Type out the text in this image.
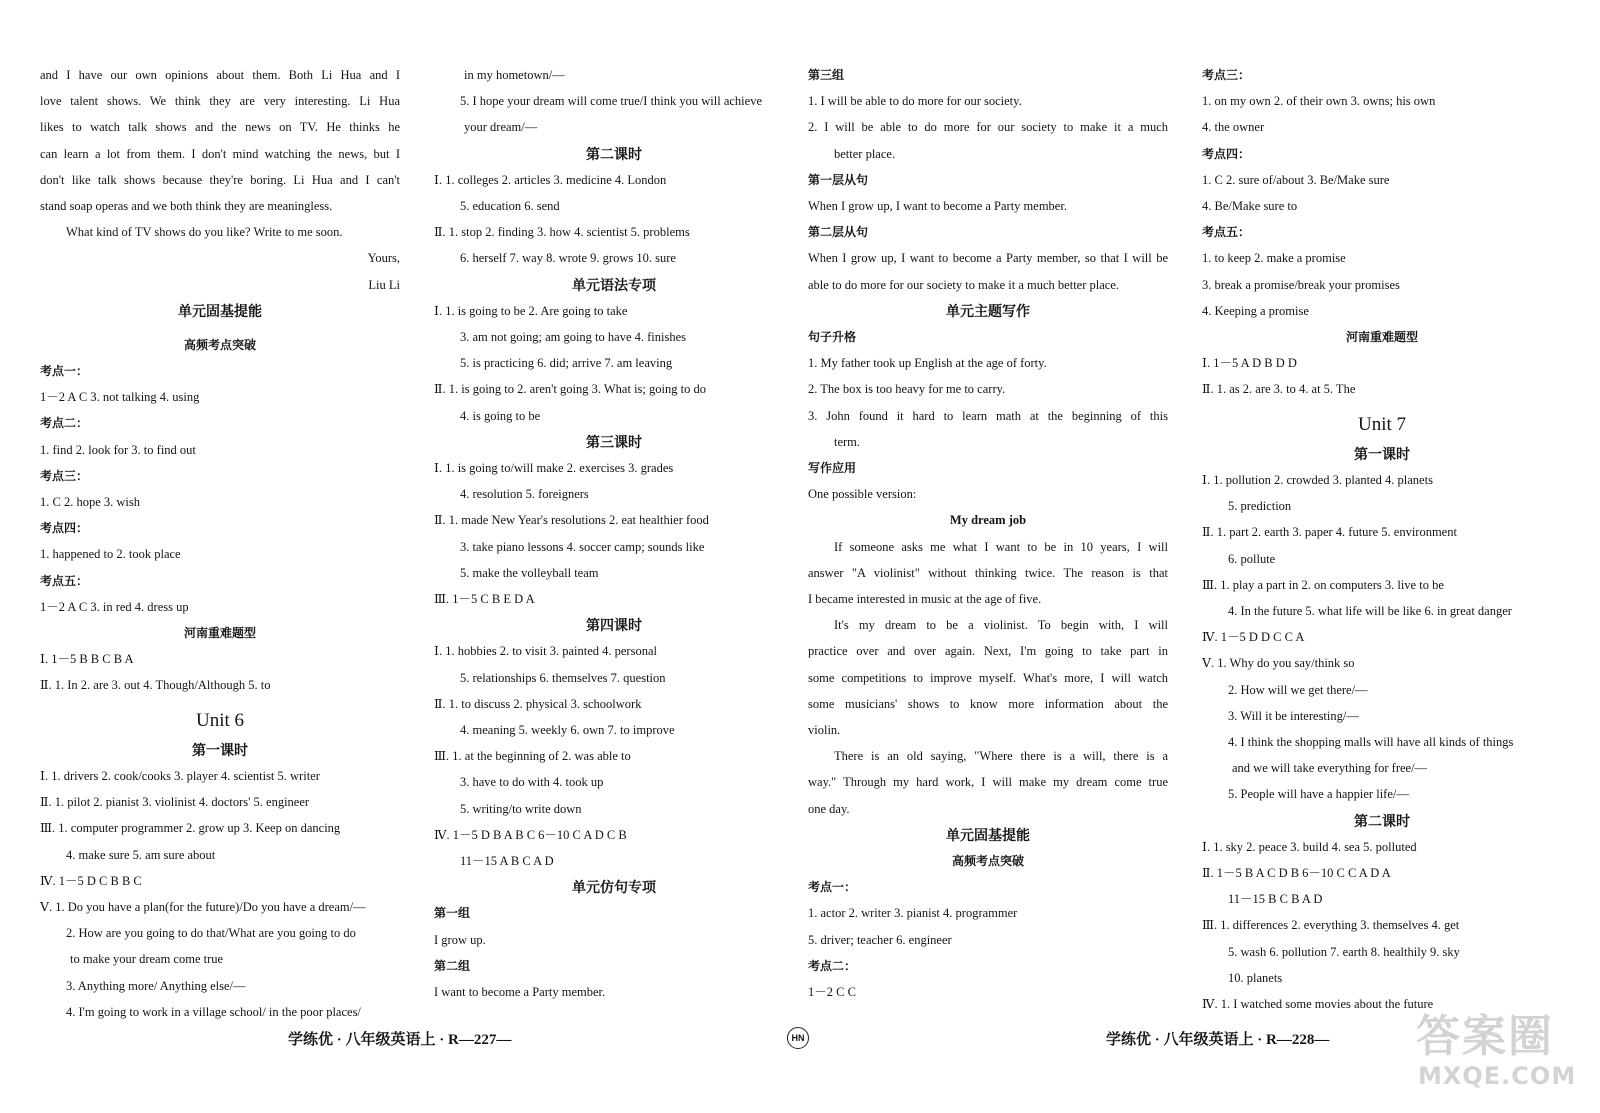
and I have our own opinions about them. Both Li Hua and I
love talent shows. We think they are very interesting. Li Hua
likes to watch talk shows and the news on TV. He thinks he
can learn a lot from them. I don't mind watching the news, but I
don't like talk shows because they're boring. Li Hua and I can't
stand soap operas and we both think they are meaningless.
What kind of TV shows do you like? Write to me soon.
Yours,
Liu Li
单元固基提能
高频考点突破
考点一：
1－2 A C 3. not talking 4. using
考点二：
1. find 2. look for 3. to find out
考点三：
1. C 2. hope 3. wish
考点四：
1. happened to 2. took place
考点五：
1－2 A C 3. in red 4. dress up
河南重难题型
Ⅰ. 1－5 B B C B A
Ⅱ. 1. In 2. are 3. out 4. Though/Although 5. to
Unit 6
第一课时
Ⅰ. 1. drivers 2. cook/cooks 3. player 4. scientist 5. writer
Ⅱ. 1. pilot 2. pianist 3. violinist 4. doctors' 5. engineer
Ⅲ. 1. computer programmer 2. grow up 3. Keep on dancing
4. make sure 5. am sure about
Ⅳ. 1－5 D C B B C
Ⅴ. 1. Do you have a plan(for the future)/Do you have a dream/—
2. How are you going to do that/What are you going to do
to make your dream come true
3. Anything more/ Anything else/—
4. I'm going to work in a village school/ in the poor places/
in my hometown/—
5. I hope your dream will come true/I think you will achieve
your dream/—
第二课时
Ⅰ. 1. colleges 2. articles 3. medicine 4. London
5. education 6. send
Ⅱ. 1. stop 2. finding 3. how 4. scientist 5. problems
6. herself 7. way 8. wrote 9. grows 10. sure
单元语法专项
Ⅰ. 1. is going to be 2. Are going to take
3. am not going; am going to have 4. finishes
5. is practicing 6. did; arrive 7. am leaving
Ⅱ. 1. is going to 2. aren't going 3. What is; going to do
4. is going to be
第三课时
Ⅰ. 1. is going to/will make 2. exercises 3. grades
4. resolution 5. foreigners
Ⅱ. 1. made New Year's resolutions 2. eat healthier food
3. take piano lessons 4. soccer camp; sounds like
5. make the volleyball team
Ⅲ. 1－5 C B E D A
第四课时
Ⅰ. 1. hobbies 2. to visit 3. painted 4. personal
5. relationships 6. themselves 7. question
Ⅱ. 1. to discuss 2. physical 3. schoolwork
4. meaning 5. weekly 6. own 7. to improve
Ⅲ. 1. at the beginning of 2. was able to
3. have to do with 4. took up
5. writing/to write down
Ⅳ. 1－5 D B A B C 6－10 C A D C B
11－15 A B C A D
单元仿句专项
第一组
I grow up.
第二组
I want to become a Party member.
第三组
1. I will be able to do more for our society.
2. I will be able to do more for our society to make it a much
better place.
第一层从句
When I grow up, I want to become a Party member.
第二层从句
When I grow up, I want to become a Party member, so that I will be
able to do more for our society to make it a much better place.
单元主题写作
句子升格
1. My father took up English at the age of forty.
2. The box is too heavy for me to carry.
3. John found it hard to learn math at the beginning of this
term.
写作应用
One possible version:
My dream job
If someone asks me what I want to be in 10 years, I will
answer "A violinist" without thinking twice. The reason is that
I became interested in music at the age of five.
It's my dream to be a violinist. To begin with, I will
practice over and over again. Next, I'm going to take part in
some competitions to improve myself. What's more, I will watch
some musicians' shows to know more information about the
violin.
There is an old saying, "Where there is a will, there is a
way." Through my hard work, I will make my dream come true
one day.
单元固基提能
高频考点突破
考点一：
1. actor 2. writer 3. pianist 4. programmer
5. driver; teacher 6. engineer
考点二：
1－2 C C
考点三：
1. on my own 2. of their own 3. owns; his own
4. the owner
考点四：
1. C 2. sure of/about 3. Be/Make sure
4. Be/Make sure to
考点五：
1. to keep 2. make a promise
3. break a promise/break your promises
4. Keeping a promise
河南重难题型
Ⅰ. 1－5 A D B D D
Ⅱ. 1. as 2. are 3. to 4. at 5. The
Unit 7
第一课时
Ⅰ. 1. pollution 2. crowded 3. planted 4. planets
5. prediction
Ⅱ. 1. part 2. earth 3. paper 4. future 5. environment
6. pollute
Ⅲ. 1. play a part in 2. on computers 3. live to be
4. In the future 5. what life will be like 6. in great danger
Ⅳ. 1－5 D D C C A
Ⅴ. 1. Why do you say/think so
2. How will we get there/—
3. Will it be interesting/—
4. I think the shopping malls will have all kinds of things
and we will take everything for free/—
5. People will have a happier life/—
第二课时
Ⅰ. 1. sky 2. peace 3. build 4. sea 5. polluted
Ⅱ. 1－5 B A C D B 6－10 C C A D A
11－15 B C B A D
Ⅲ. 1. differences 2. everything 3. themselves 4. get
5. wash 6. pollution 7. earth 8. healthily 9. sky
10. planets
Ⅳ. 1. I watched some movies about the future
学练优 · 八年级英语上 · R—227—	HN	学练优 · 八年级英语上 · R—228— 答案圈
MXQE.COM
